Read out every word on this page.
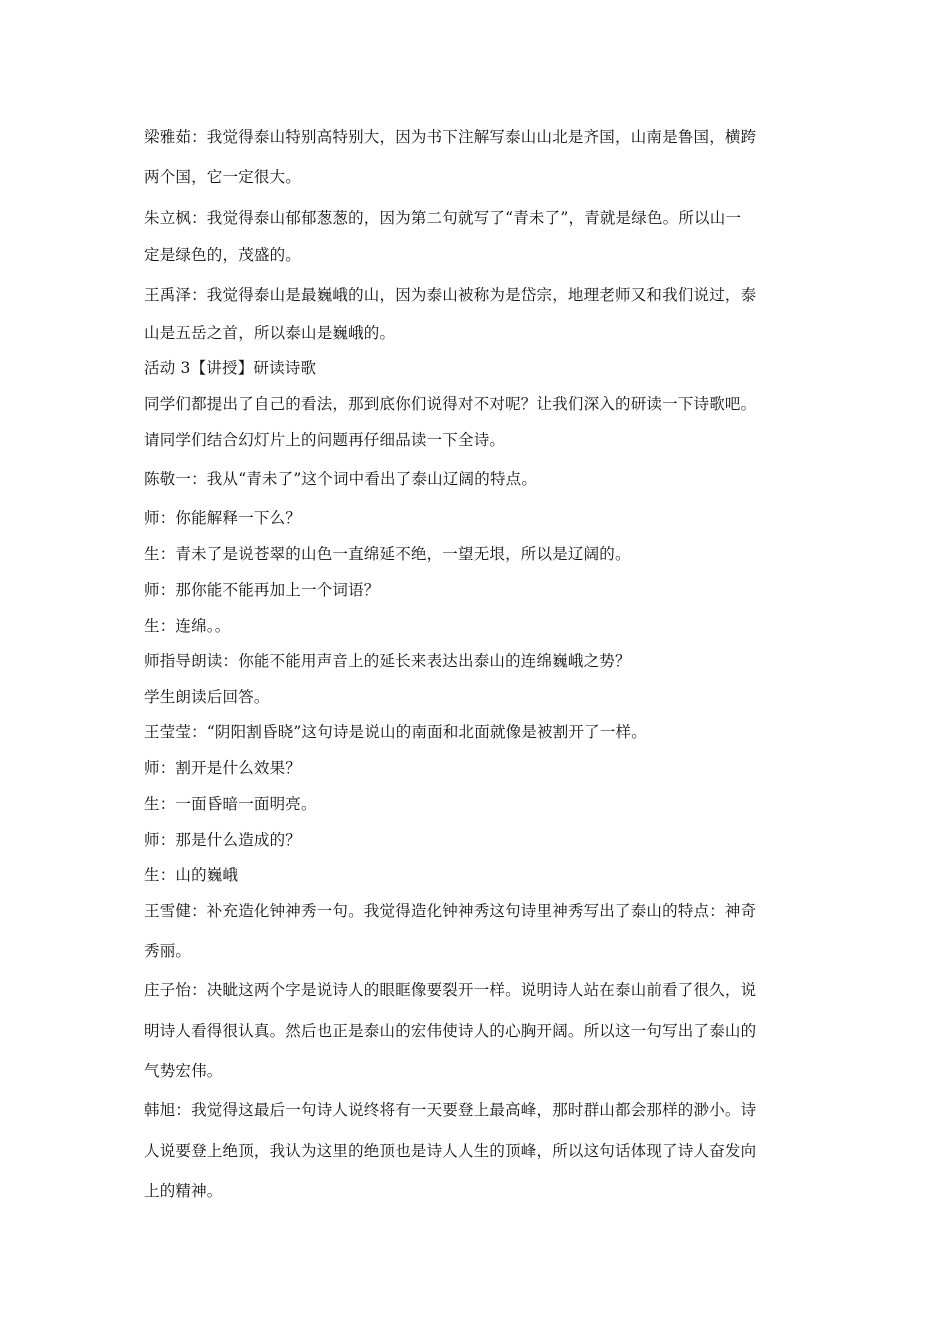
梁雅茹：我觉得泰山特别高特别大，因为书下注解写泰山山北是齐国，山南是鲁国，横跨
两个国，它一定很大。
朱立枫：我觉得泰山郁郁葱葱的，因为第二句就写了“青未了”，青就是绿色。所以山一
定是绿色的，茂盛的。
王禹泽：我觉得泰山是最巍峨的山，因为泰山被称为是岱宗，地理老师又和我们说过，泰
山是五岳之首，所以泰山是巍峨的。
活动 3【讲授】研读诗歌
同学们都提出了自己的看法，那到底你们说得对不对呢？让我们深入的研读一下诗歌吧。
请同学们结合幻灯片上的问题再仔细品读一下全诗。
陈敬一：我从“青未了”这个词中看出了泰山辽阔的特点。
师：你能解释一下么？
生：青未了是说苍翠的山色一直绵延不绝，一望无垠，所以是辽阔的。
师：那你能不能再加上一个词语？
生：连绵。。
师指导朗读：你能不能用声音上的延长来表达出泰山的连绵巍峨之势？
学生朗读后回答。
王莹莹：“阴阳割昏晓”这句诗是说山的南面和北面就像是被割开了一样。
师：割开是什么效果？
生：一面昏暗一面明亮。
师：那是什么造成的？
生：山的巍峨
王雪健：补充造化钟神秀一句。我觉得造化钟神秀这句诗里神秀写出了泰山的特点：神奇
秀丽。
庄子怡：决眦这两个字是说诗人的眼眶像要裂开一样。说明诗人站在泰山前看了很久，说
明诗人看得很认真。然后也正是泰山的宏伟使诗人的心胸开阔。所以这一句写出了泰山的
气势宏伟。
韩旭：我觉得这最后一句诗人说终将有一天要登上最高峰，那时群山都会那样的渺小。诗
人说要登上绝顶，我认为这里的绝顶也是诗人人生的顶峰，所以这句话体现了诗人奋发向
上的精神。
